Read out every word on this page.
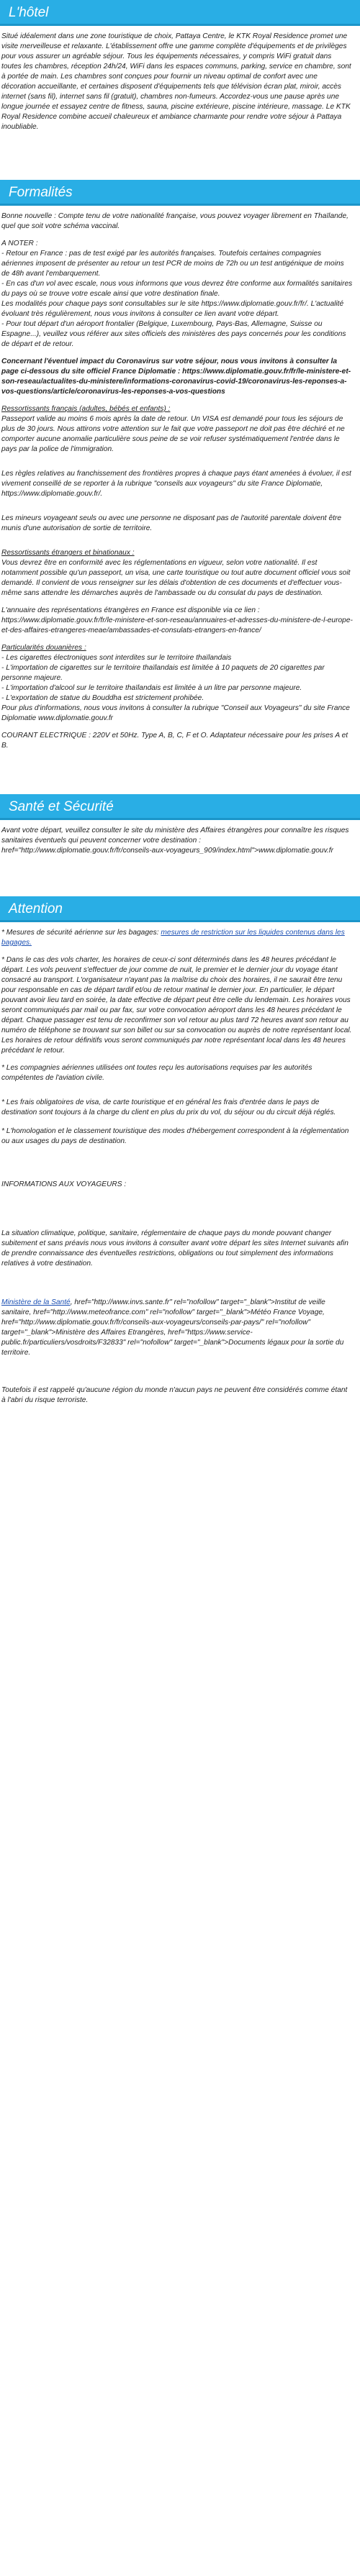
L'hôtel

Situé idéalement dans une zone touristique de choix, Pattaya Centre, le KTK Royal Residence promet une visite merveilleuse et relaxante. L'établissement offre une gamme complète d'équipements et de privilèges pour vous assurer un agréable séjour. Tous les équipements nécessaires, y compris WiFi gratuit dans toutes les chambres, réception 24h/24, WiFi dans les espaces communs, parking, service en chambre, sont à portée de main. Les chambres sont conçues pour fournir un niveau optimal de confort avec une décoration accueillante, et certaines disposent d'équipements tels que télévision écran plat, miroir, accès internet (sans fil), internet sans fil (gratuit), chambres non-fumeurs. Accordez-vous une pause après une longue journée et essayez centre de fitness, sauna, piscine extérieure, piscine intérieure, massage. Le KTK Royal Residence combine accueil chaleureux et ambiance charmante pour rendre votre séjour à Pattaya inoubliable.

Formalités

Bonne nouvelle : Compte tenu de votre nationalité française, vous pouvez voyager librement en Thaïlande, quel que soit votre schéma vaccinal.

A NOTER :
- Retour en France : pas de test exigé par les autorités françaises. Toutefois certaines compagnies aériennes imposent de présenter au retour un test PCR de moins de 72h ou un test antigénique de moins de 48h avant l'embarquement.
- En cas d'un vol avec escale, nous vous informons que vous devrez être conforme aux formalités sanitaires du pays où se trouve votre escale ainsi que votre destination finale.
Les modalités pour chaque pays sont consultables sur le site https://www.diplomatie.gouv.fr/fr/. L'actualité évoluant très régulièrement, nous vous invitons à consulter ce lien avant votre départ.
- Pour tout départ d'un aéroport frontalier (Belgique, Luxembourg, Pays-Bas, Allemagne, Suisse ou Espagne...), veuillez vous référer aux sites officiels des ministères des pays concernés pour les conditions de départ et de retour.

Concernant l'éventuel impact du Coronavirus sur votre séjour, nous vous invitons à consulter la page ci-dessous du site officiel France Diplomatie : https://www.diplomatie.gouv.fr/fr/le-ministere-et-son-reseau/actualites-du-ministere/informations-coronavirus-covid-19/coronavirus-les-reponses-a-vos-questions/article/coronavirus-les-reponses-a-vos-questions

Ressortissants français (adultes, bébés et enfants) :
Passeport valide au moins 6 mois après la date de retour. Un VISA est demandé pour tous les séjours de plus de 30 jours. Nous attirons votre attention sur le fait que votre passeport ne doit pas être déchiré et ne comporter aucune anomalie particulière sous peine de se voir refuser systématiquement l'entrée dans le pays par la police de l'immigration.

Les règles relatives au franchissement des frontières propres à chaque pays étant amenées à évoluer, il est vivement conseillé de se reporter à la rubrique "conseils aux voyageurs" du site France Diplomatie, https://www.diplomatie.gouv.fr/.

Les mineurs voyageant seuls ou avec une personne ne disposant pas de l'autorité parentale doivent être munis d'une autorisation de sortie de territoire.

Ressortissants étrangers et binationaux :
Vous devrez être en conformité avec les réglementations en vigueur, selon votre nationalité. Il est notamment possible qu'un passeport, un visa, une carte touristique ou tout autre document officiel vous soit demandé. Il convient de vous renseigner sur les délais d'obtention de ces documents et d'effectuer vous-même sans attendre les démarches auprès de l'ambassade ou du consulat du pays de destination.

L'annuaire des représentations étrangères en France est disponible via ce lien : https://www.diplomatie.gouv.fr/fr/le-ministere-et-son-reseau/annuaires-et-adresses-du-ministere-de-l-europe-et-des-affaires-etrangeres-meae/ambassades-et-consulats-etrangers-en-france/

Particularités douanières :
- Les cigarettes électroniques sont interdites sur le territoire thaïlandais
- L'importation de cigarettes sur le territoire thaïlandais est limitée à 10 paquets de 20 cigarettes par personne majeure.
- L'importation d'alcool sur le territoire thaïlandais est limitée à un litre par personne majeure.
- L'exportation de statue du Bouddha est strictement prohibée.
Pour plus d'informations, nous vous invitons à consulter la rubrique "Conseil aux Voyageurs" du site France Diplomatie www.diplomatie.gouv.fr

COURANT ELECTRIQUE : 220V et 50Hz. Type A, B, C, F et O. Adaptateur nécessaire pour les prises A et B.

Santé et Sécurité

Avant votre départ, veuillez consulter le site du ministère des Affaires étrangères pour connaître les risques sanitaires éventuels qui peuvent concerner votre destination : href="http://www.diplomatie.gouv.fr/fr/conseils-aux-voyageurs_909/index.html">www.diplomatie.gouv.fr

Attention

* Mesures de sécurité aérienne sur les bagages: mesures de restriction sur les liquides contenus dans les bagages.

* Dans le cas des vols charter, les horaires de ceux-ci sont déterminés dans les 48 heures précédant le départ. Les vols peuvent s'effectuer de jour comme de nuit, le premier et le dernier jour du voyage étant consacré au transport. L'organisateur n'ayant pas la maîtrise du choix des horaires, il ne saurait être tenu pour responsable en cas de départ tardif et/ou de retour matinal le dernier jour. En particulier, le départ pouvant avoir lieu tard en soirée, la date effective de départ peut être celle du lendemain. Les horaires vous seront communiqués par mail ou par fax, sur votre convocation aéroport dans les 48 heures précédant le départ. Chaque passager est tenu de reconfirmer son vol retour au plus tard 72 heures avant son retour au numéro de téléphone se trouvant sur son billet ou sur sa convocation ou auprès de notre représentant local. Les horaires de retour définitifs vous seront communiqués par notre représentant local dans les 48 heures précédant le retour.

* Les compagnies aériennes utilisées ont toutes reçu les autorisations requises par les autorités compétentes de l'aviation civile.

* Les frais obligatoires de visa, de carte touristique et en général les frais d'entrée dans le pays de destination sont toujours à la charge du client en plus du prix du vol, du séjour ou du circuit déjà réglés.

* L'homologation et le classement touristique des modes d'hébergement correspondent à la réglementation ou aux usages du pays de destination.

INFORMATIONS AUX VOYAGEURS :

La situation climatique, politique, sanitaire, réglementaire de chaque pays du monde pouvant changer subitement et sans préavis nous vous invitons à consulter avant votre départ les sites Internet suivants afin de prendre connaissance des éventuelles restrictions, obligations ou tout simplement des informations relatives à votre destination.

Ministère de la Santé, href="http://www.invs.sante.fr" rel="nofollow" target="_blank">Institut de veille sanitaire, href="http://www.meteofrance.com" rel="nofollow" target="_blank">Météo France Voyage, href="http://www.diplomatie.gouv.fr/fr/conseils-aux-voyageurs/conseils-par-pays/" rel="nofollow" target="_blank">Ministère des Affaires Etrangères, href="https://www.service-public.fr/particuliers/vosdroits/F32833" rel="nofollow" target="_blank">Documents légaux pour la sortie du territoire.

Toutefois il est rappelé qu'aucune région du monde n'aucun pays ne peuvent être considérés comme étant à l'abri du risque terroriste.
